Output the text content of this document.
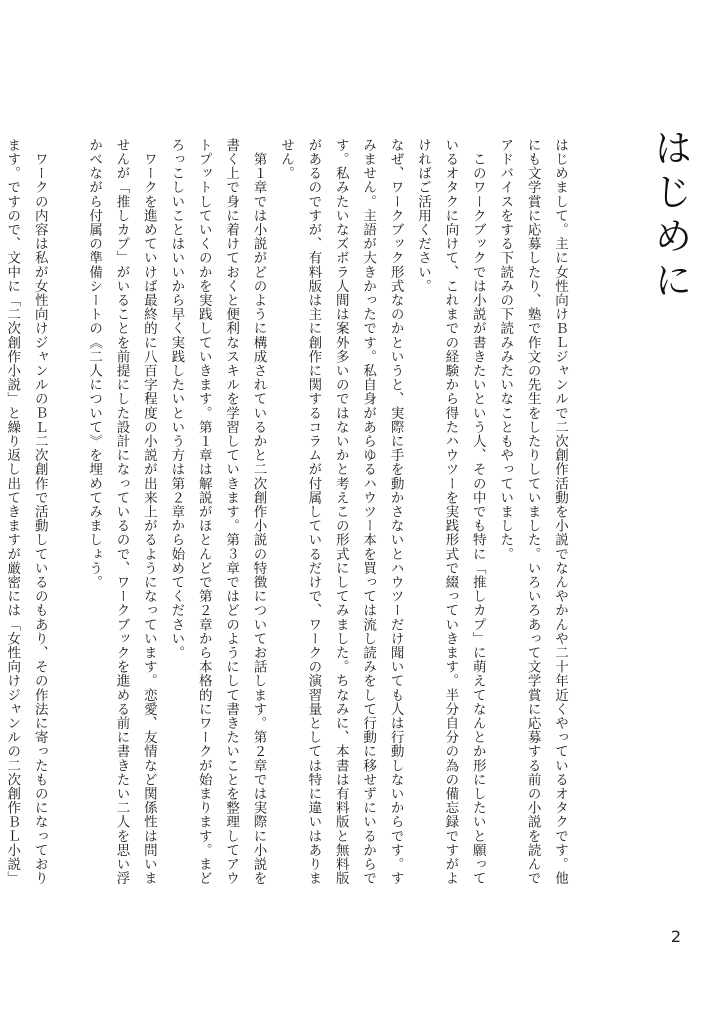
はじめに

はじめまして。主に女性向けＢＬジャンルで二次創作活動を小説でなんやかんや二十年近くやっているオタクです。他にも文学賞に応募したり、塾で作文の先生をしたりしていました。いろいろあって文学賞に応募する前の小説を読んでアドバイスをする下読みの下読みみたいなこともやっていました。

　このワークブックでは小説が書きたいという人、その中でも特に「推しカプ」に萌えてなんとか形にしたいと願っているオタクに向けて、これまでの経験から得たハウツーを実践形式で綴っていきます。半分自分の為の備忘録ですがよければご活用ください。

なぜ、ワークブック形式なのかというと、実際に手を動かさないとハウツーだけ聞いても人は行動しないからです。すみません。主語が大きかったです。私自身があらゆるハウツー本を買っては流し読みをして行動に移せずにいるからです。私みたいなズボラ人間は案外多いのではないかと考えこの形式にしてみました。ちなみに、本書は有料版と無料版があるのですが、有料版は主に創作に関するコラムが付属しているだけで、ワークの演習量としては特に違いはありません。

　第１章では小説がどのように構成されているかと二次創作小説の特徴についてお話します。第２章では実際に小説を書く上で身に着けておくと便利なスキルを学習していきます。第３章ではどのようにして書きたいことを整理してアウトプットしていくのかを実践していきます。第１章は解説がほとんどで第２章から本格的にワークが始まります。まどろっこしいことはいいから早く実践したいという方は第２章から始めてください。

　ワークを進めていけば最終的に八百字程度の小説が出来上がるようになっています。恋愛、友情など関係性は問いませんが「推しカプ」がいることを前提にした設計になっているので、ワークブックを進める前に書きたい二人を思い浮かべながら付属の準備シートの《二人について》を埋めてみましょう。

　ワークの内容は私が女性向けジャンルのＢＬ二次創作で活動しているのもあり、その作法に寄ったものになっております。ですので、文中に「二次創作小説」と繰り返し出てきますが厳密には「女性向けジャンルの二次創作ＢＬ小説」

2
